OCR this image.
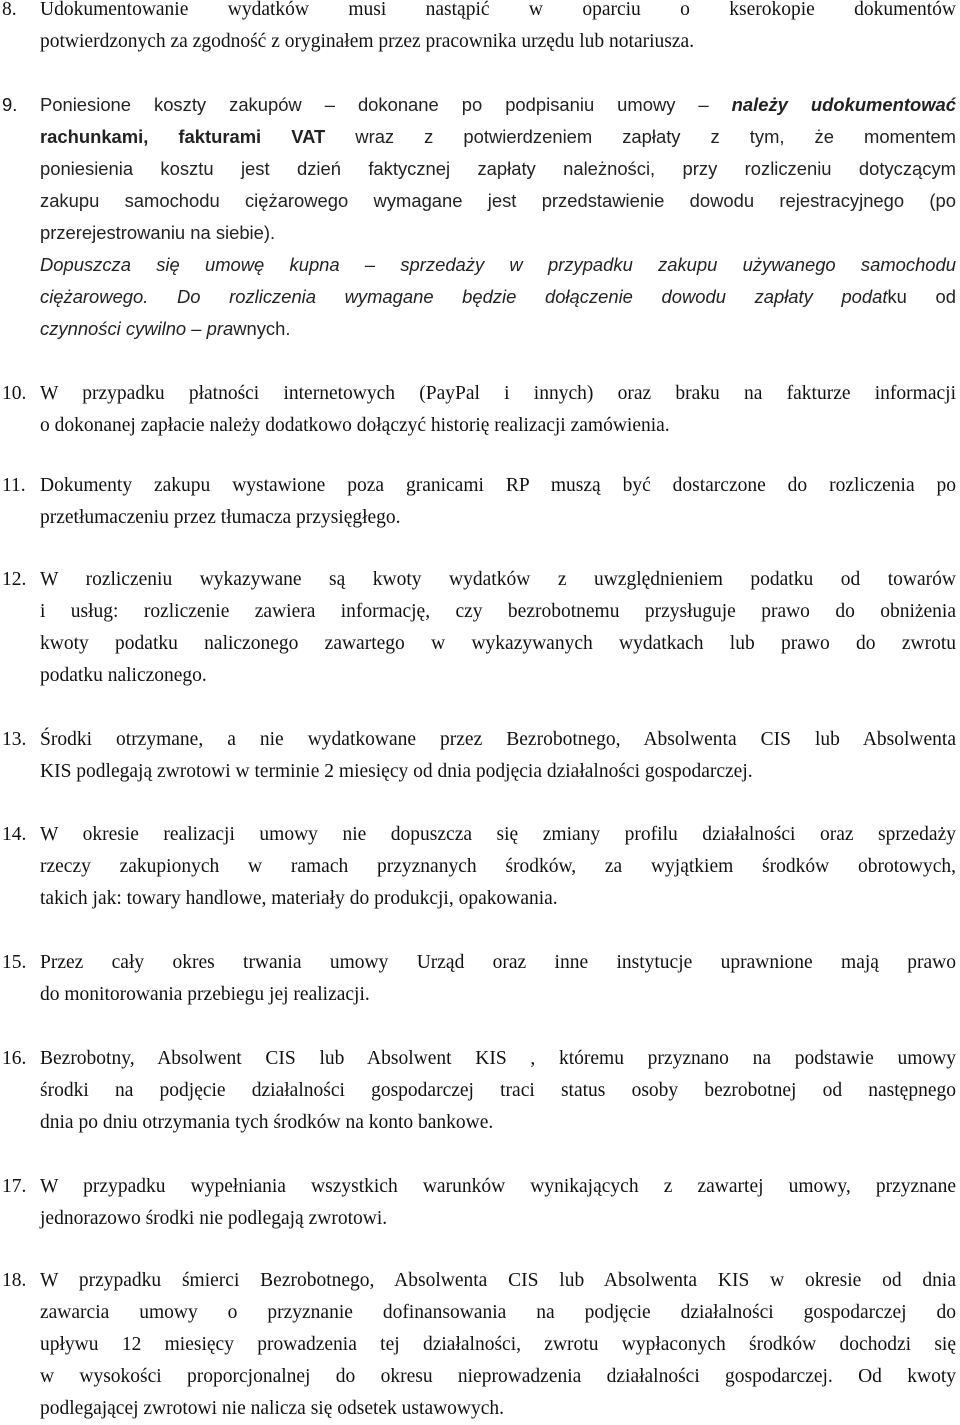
8. Udokumentowanie wydatków musi nastąpić w oparciu o kserokopie dokumentów
potwierdzonych za zgodność z oryginałem przez pracownika urzędu lub notariusza.
9. Poniesione koszty zakupów – dokonane po podpisaniu umowy – należy udokumentować
rachunkami, fakturami VAT wraz z potwierdzeniem zapłaty z tym, że momentem
poniesienia kosztu jest dzień faktycznej zapłaty należności, przy rozliczeniu dotyczącym
zakupu samochodu ciężarowego wymagane jest przedstawienie dowodu rejestracyjnego (po
przerejestrowaniu na siebie).
Dopuszcza się umowę kupna – sprzedaży w przypadku zakupu używanego samochodu
ciężarowego. Do rozliczenia wymagane będzie dołączenie dowodu zapłaty podatku od
czynności cywilno – prawnych.
10. W przypadku płatności internetowych (PayPal i innych) oraz braku na fakturze informacji
o dokonanej zapłacie należy dodatkowo dołączyć historię realizacji zamówienia.
11. Dokumenty zakupu wystawione poza granicami RP muszą być dostarczone do rozliczenia po
przetłumaczeniu przez tłumacza przysięgłego.
12. W rozliczeniu wykazywane są kwoty wydatków z uwzględnieniem podatku od towarów
i usług: rozliczenie zawiera informację, czy bezrobotnemu przysługuje prawo do obniżenia
kwoty podatku naliczonego zawartego w wykazywanych wydatkach lub prawo do zwrotu
podatku naliczonego.
13. Środki otrzymane, a nie wydatkowane przez Bezrobotnego, Absolwenta CIS lub Absolwenta
KIS podlegają zwrotowi w terminie 2 miesięcy od dnia podjęcia działalności gospodarczej.
14. W okresie realizacji umowy nie dopuszcza się zmiany profilu działalności oraz sprzedaży
rzeczy zakupionych w ramach przyznanych środków, za wyjątkiem środków obrotowych,
takich jak: towary handlowe, materiały do produkcji, opakowania.
15. Przez cały okres trwania umowy Urząd oraz inne instytucje uprawnione mają prawo
do monitorowania przebiegu jej realizacji.
16. Bezrobotny, Absolwent CIS lub Absolwent KIS , któremu przyznano na podstawie umowy
środki na podjęcie działalności gospodarczej traci status osoby bezrobotnej od następnego
dnia po dniu otrzymania tych środków na konto bankowe.
17. W przypadku wypełniania wszystkich warunków wynikających z zawartej umowy, przyznane
jednorazowo środki nie podlegają zwrotowi.
18. W przypadku śmierci Bezrobotnego, Absolwenta CIS lub Absolwenta KIS w okresie od dnia
zawarcia umowy o przyznanie dofinansowania na podjęcie działalności gospodarczej do
upływu 12 miesięcy prowadzenia tej działalności, zwrotu wypłaconych środków dochodzi się
w wysokości proporcjonalnej do okresu nieprowadzenia działalności gospodarczej. Od kwoty
podlegającej zwrotowi nie nalicza się odsetek ustawowych.
